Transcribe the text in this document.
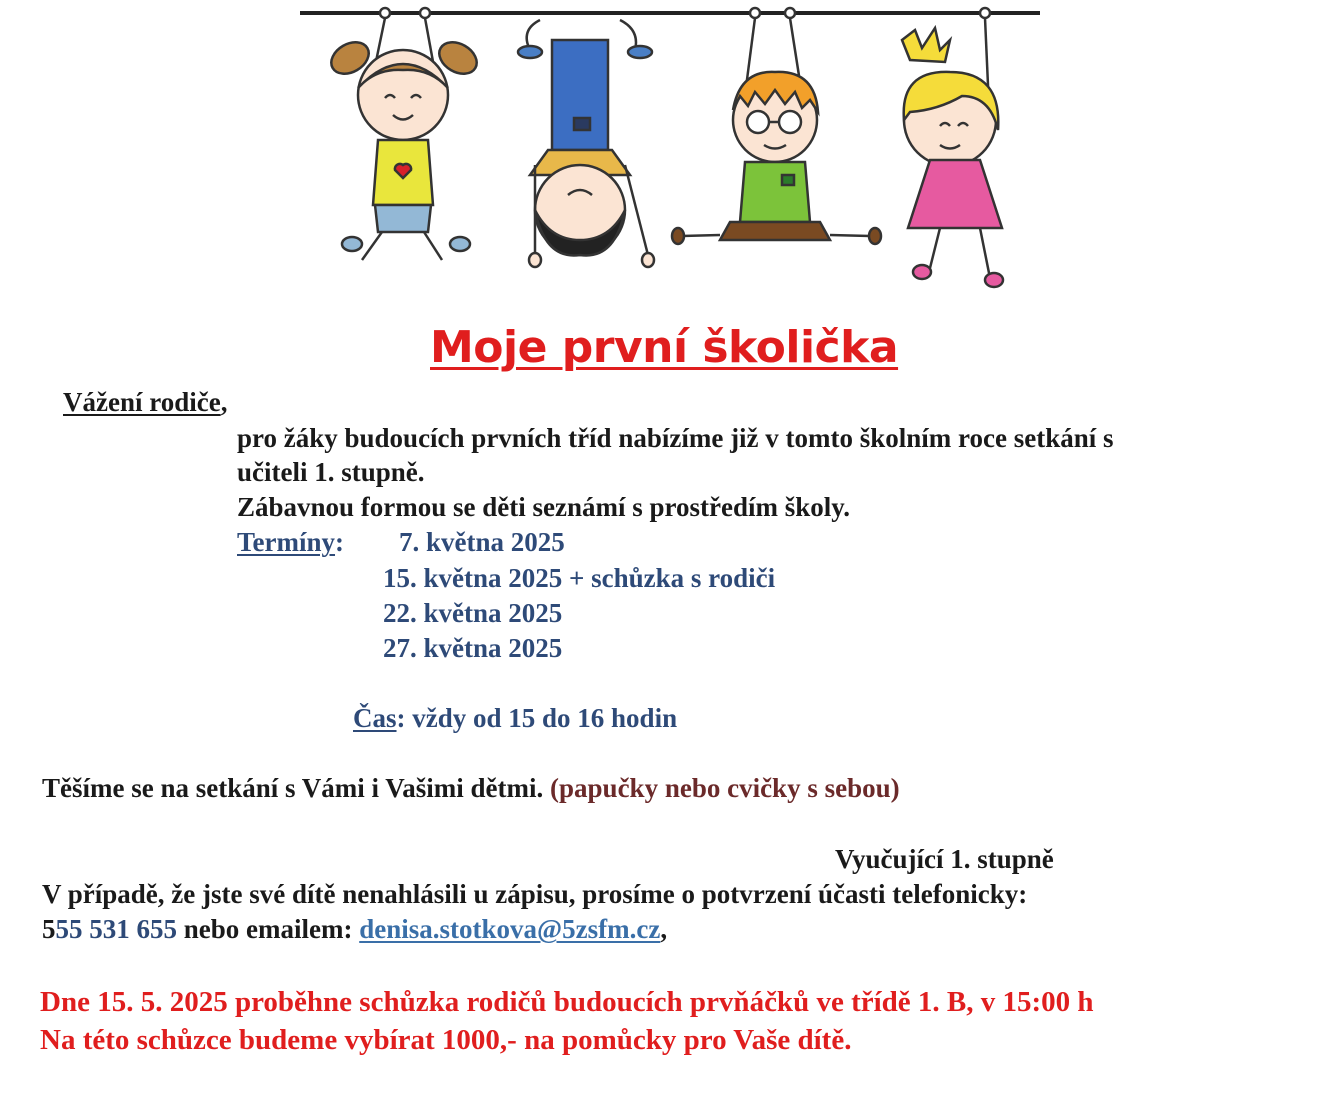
Moje první školička
Vážení rodiče,
pro žáky budoucích prvních tříd nabízíme již v tomto školním roce setkání s
učiteli 1. stupně.
Zábavnou formou se děti seznámí s prostředím školy.
Termíny: 7. května 2025
15. května 2025 + schůzka s rodiči
22. května 2025
27. května 2025
Čas: vždy od 15 do 16 hodin
Těšíme se na setkání s Vámi i Vašimi dětmi. (papučky nebo cvičky s sebou)
Vyučující 1. stupně
V případě, že jste své dítě nenahlásili u zápisu, prosíme o potvrzení účasti telefonicky:
555 531 655 nebo emailem: denisa.stotkova@5zsfm.cz,
Dne 15. 5. 2025 proběhne schůzka rodičů budoucích prvňáčků ve třídě 1. B, v 15:00 h
Na této schůzce budeme vybírat 1000,- na pomůcky pro Vaše dítě.
